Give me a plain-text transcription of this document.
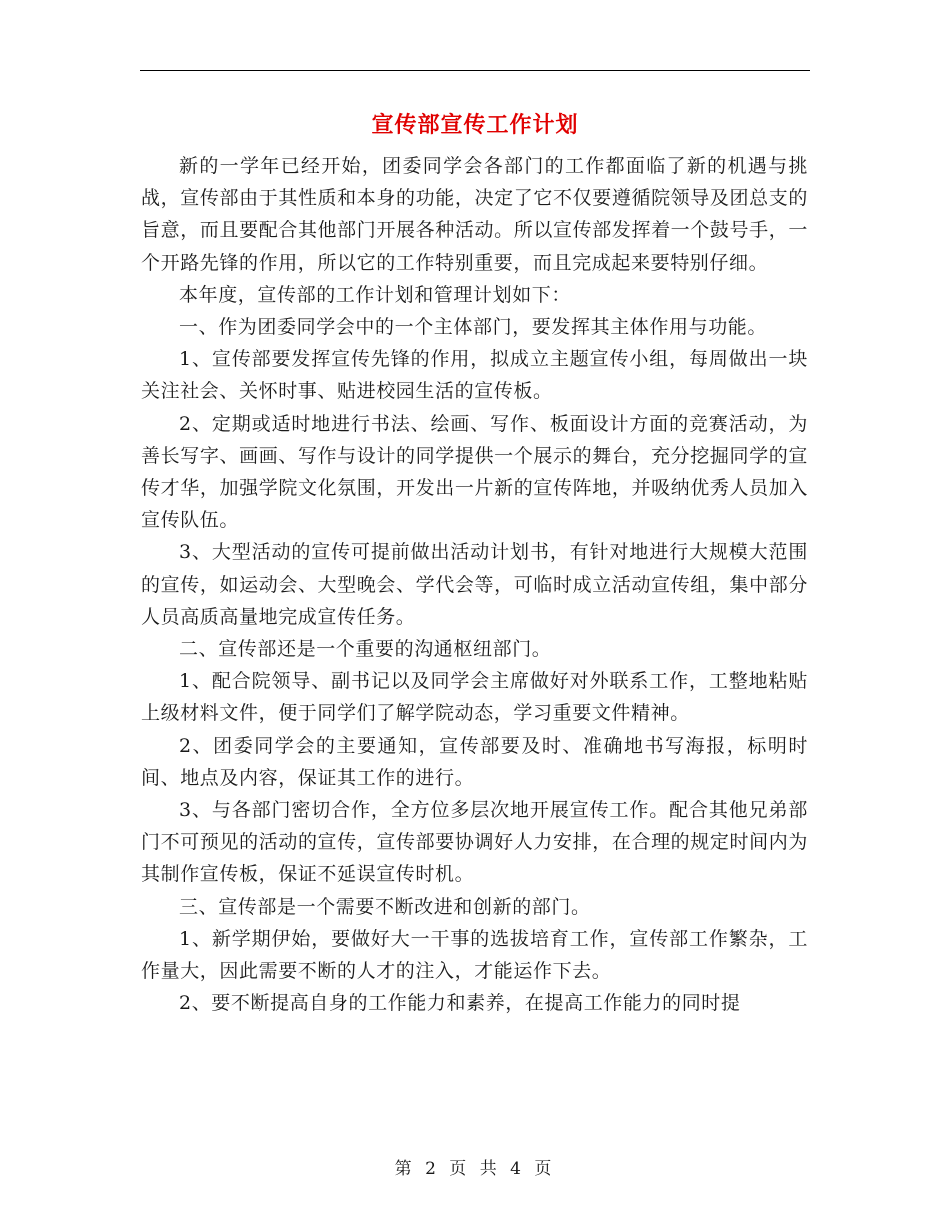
宣传部宣传工作计划

新的一学年已经开始，团委同学会各部门的工作都面临了新的机遇与挑战，宣传部由于其性质和本身的功能，决定了它不仅要遵循院领导及团总支的旨意，而且要配合其他部门开展各种活动。所以宣传部发挥着一个鼓号手，一个开路先锋的作用，所以它的工作特别重要，而且完成起来要特别仔细。

本年度，宣传部的工作计划和管理计划如下：

一、作为团委同学会中的一个主体部门，要发挥其主体作用与功能。

1、宣传部要发挥宣传先锋的作用，拟成立主题宣传小组，每周做出一块关注社会、关怀时事、贴进校园生活的宣传板。

2、定期或适时地进行书法、绘画、写作、板面设计方面的竞赛活动，为善长写字、画画、写作与设计的同学提供一个展示的舞台，充分挖掘同学的宣传才华，加强学院文化氛围，开发出一片新的宣传阵地，并吸纳优秀人员加入宣传队伍。

3、大型活动的宣传可提前做出活动计划书，有针对地进行大规模大范围的宣传，如运动会、大型晚会、学代会等，可临时成立活动宣传组，集中部分人员高质高量地完成宣传任务。

二、宣传部还是一个重要的沟通枢纽部门。

1、配合院领导、副书记以及同学会主席做好对外联系工作，工整地粘贴上级材料文件，便于同学们了解学院动态，学习重要文件精神。

2、团委同学会的主要通知，宣传部要及时、准确地书写海报，标明时间、地点及内容，保证其工作的进行。

3、与各部门密切合作，全方位多层次地开展宣传工作。配合其他兄弟部门不可预见的活动的宣传，宣传部要协调好人力安排，在合理的规定时间内为其制作宣传板，保证不延误宣传时机。

三、宣传部是一个需要不断改进和创新的部门。

1、新学期伊始，要做好大一干事的选拔培育工作，宣传部工作繁杂，工作量大，因此需要不断的人才的注入，才能运作下去。

2、要不断提高自身的工作能力和素养，在提高工作能力的同时提

第 2 页 共 4 页
